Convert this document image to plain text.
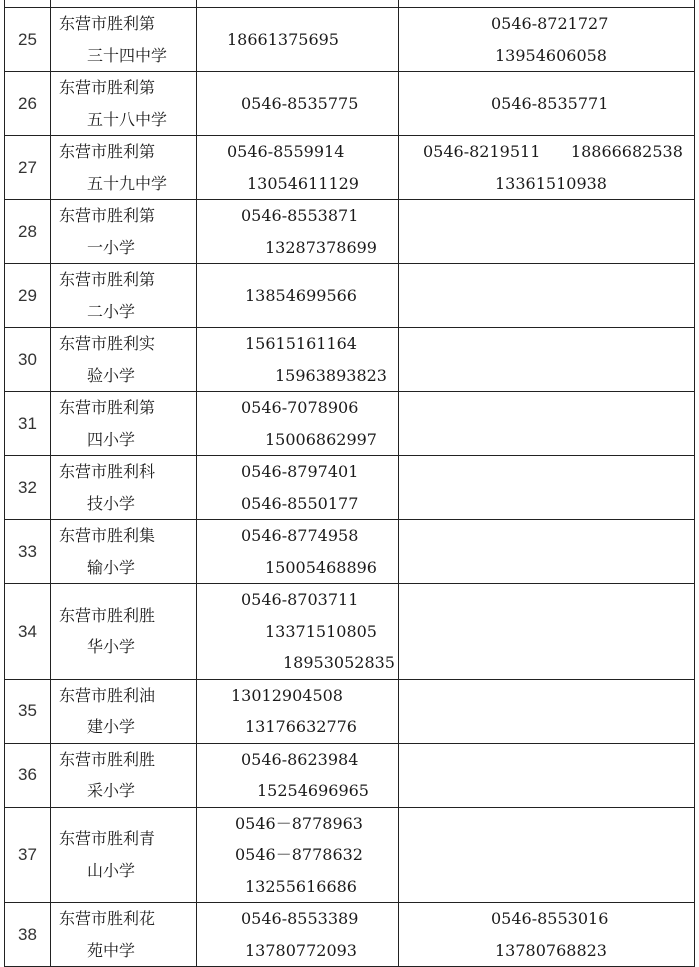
25	东营市胜利第
三十四中学	18661375695	0546-8721727
13954606058

26	东营市胜利第
五十八中学	0546-8535775	0546-8535771

27	东营市胜利第
五十九中学	0546-8559914
13054611129	0546-8219511      18866682538
13361510938

28	东营市胜利第
一小学	0546-8553871
13287378699	

29	东营市胜利第
二小学	13854699566	

30	东营市胜利实
验小学	15615161164
15963893823	

31	东营市胜利第
四小学	0546-7078906
15006862997	

32	东营市胜利科
技小学	0546-8797401
0546-8550177	

33	东营市胜利集
输小学	0546-8774958
15005468896	

34	东营市胜利胜
华小学	0546-8703711
13371510805
18953052835	

35	东营市胜利油
建小学	13012904508
13176632776	

36	东营市胜利胜
采小学	0546-8623984
15254696965	

37	东营市胜利青
山小学	0546－8778963
0546－8778632
13255616686	

38	东营市胜利花
苑中学	0546-8553389
13780772093	0546-8553016
13780768823
